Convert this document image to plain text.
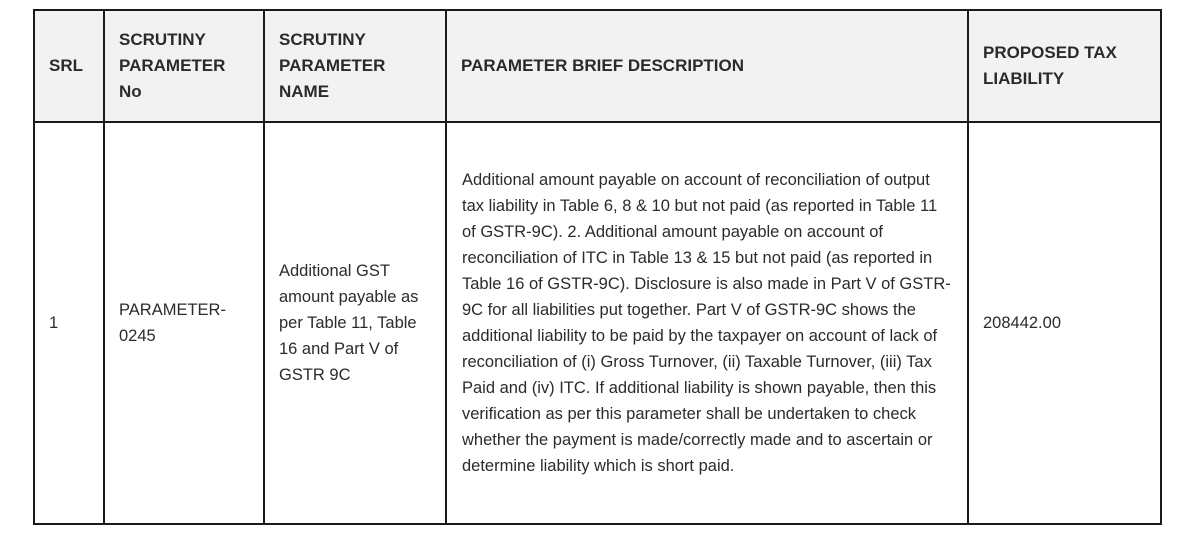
SRL	SCRUTINY PARAMETER No	SCRUTINY PARAMETER NAME	PARAMETER BRIEF DESCRIPTION	PROPOSED TAX LIABILITY
1	PARAMETER-0245	Additional GST amount payable as per Table 11, Table 16 and Part V of GSTR 9C	Additional amount payable on account of reconciliation of output tax liability in Table 6, 8 & 10 but not paid (as reported in Table 11 of GSTR-9C). 2. Additional amount payable on account of reconciliation of ITC in Table 13 & 15 but not paid (as reported in Table 16 of GSTR-9C). Disclosure is also made in Part V of GSTR-9C for all liabilities put together. Part V of GSTR-9C shows the additional liability to be paid by the taxpayer on account of lack of reconciliation of (i) Gross Turnover, (ii) Taxable Turnover, (iii) Tax Paid and (iv) ITC. If additional liability is shown payable, then this verification as per this parameter shall be undertaken to check whether the payment is made/correctly made and to ascertain or determine liability which is short paid.	208442.00
